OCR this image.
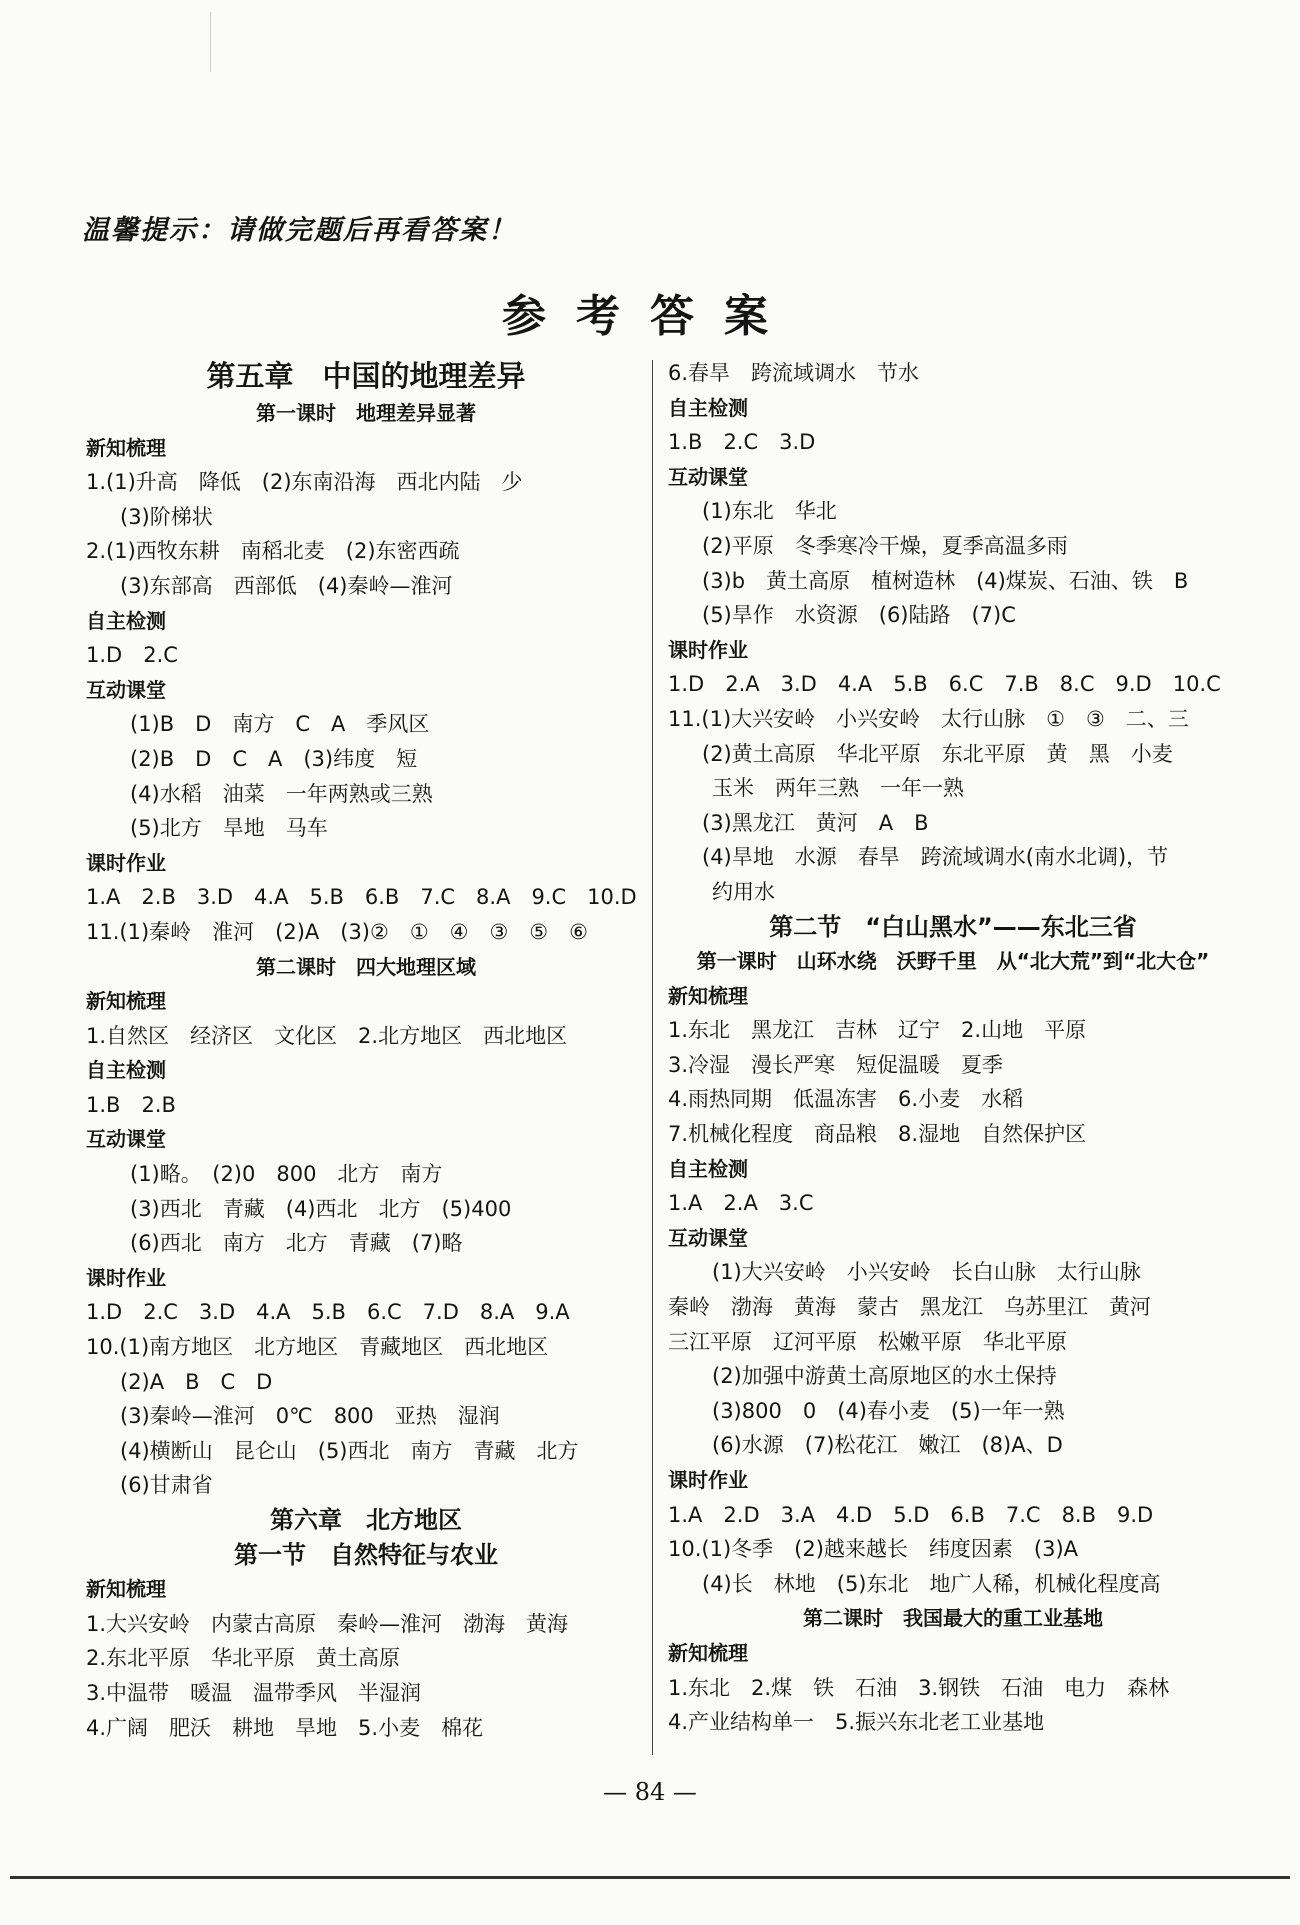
温馨提示：请做完题后再看答案！
参考答案
第五章　中国的地理差异
第一课时　地理差异显著
新知梳理
1.(1)升高　降低　(2)东南沿海　西北内陆　少
(3)阶梯状
2.(1)西牧东耕　南稻北麦　(2)东密西疏
(3)东部高　西部低　(4)秦岭—淮河
自主检测
1.D　2.C
互动课堂
(1)B　D　南方　C　A　季风区
(2)B　D　C　A　(3)纬度　短
(4)水稻　油菜　一年两熟或三熟
(5)北方　旱地　马车
课时作业
1.A　2.B　3.D　4.A　5.B　6.B　7.C　8.A　9.C　10.D
11.(1)秦岭　淮河　(2)A　(3)②　①　④　③　⑤　⑥
第二课时　四大地理区域
新知梳理
1.自然区　经济区　文化区　2.北方地区　西北地区
自主检测
1.B　2.B
互动课堂
(1)略。　(2)0　800　北方　南方
(3)西北　青藏　(4)西北　北方　(5)400
(6)西北　南方　北方　青藏　(7)略
课时作业
1.D　2.C　3.D　4.A　5.B　6.C　7.D　8.A　9.A
10.(1)南方地区　北方地区　青藏地区　西北地区
(2)A　B　C　D
(3)秦岭—淮河　0℃　800　亚热　湿润
(4)横断山　昆仑山　(5)西北　南方　青藏　北方
(6)甘肃省
第六章　北方地区
第一节　自然特征与农业
新知梳理
1.大兴安岭　内蒙古高原　秦岭—淮河　渤海　黄海
2.东北平原　华北平原　黄土高原
3.中温带　暖温　温带季风　半湿润
4.广阔　肥沃　耕地　旱地　5.小麦　棉花
6.春旱　跨流域调水　节水
自主检测
1.B　2.C　3.D
互动课堂
(1)东北　华北
(2)平原　冬季寒冷干燥，夏季高温多雨
(3)b　黄土高原　植树造林　(4)煤炭、石油、铁　B
(5)旱作　水资源　(6)陆路　(7)C
课时作业
1.D　2.A　3.D　4.A　5.B　6.C　7.B　8.C　9.D　10.C
11.(1)大兴安岭　小兴安岭　太行山脉　①　③　二、三
(2)黄土高原　华北平原　东北平原　黄　黑　小麦
玉米　两年三熟　一年一熟
(3)黑龙江　黄河　A　B
(4)旱地　水源　春旱　跨流域调水(南水北调)，节
约用水
第二节　“白山黑水”——东北三省
第一课时　山环水绕　沃野千里　从“北大荒”到“北大仓”
新知梳理
1.东北　黑龙江　吉林　辽宁　2.山地　平原
3.冷湿　漫长严寒　短促温暖　夏季
4.雨热同期　低温冻害　6.小麦　水稻
7.机械化程度　商品粮　8.湿地　自然保护区
自主检测
1.A　2.A　3.C
互动课堂
(1)大兴安岭　小兴安岭　长白山脉　太行山脉
秦岭　渤海　黄海　蒙古　黑龙江　乌苏里江　黄河
三江平原　辽河平原　松嫩平原　华北平原
(2)加强中游黄土高原地区的水土保持
(3)800　0　(4)春小麦　(5)一年一熟
(6)水源　(7)松花江　嫩江　(8)A、D
课时作业
1.A　2.D　3.A　4.D　5.D　6.B　7.C　8.B　9.D
10.(1)冬季　(2)越来越长　纬度因素　(3)A
(4)长　林地　(5)东北　地广人稀，机械化程度高
第二课时　我国最大的重工业基地
新知梳理
1.东北　2.煤　铁　石油　3.钢铁　石油　电力　森林
4.产业结构单一　5.振兴东北老工业基地
— 84 —
